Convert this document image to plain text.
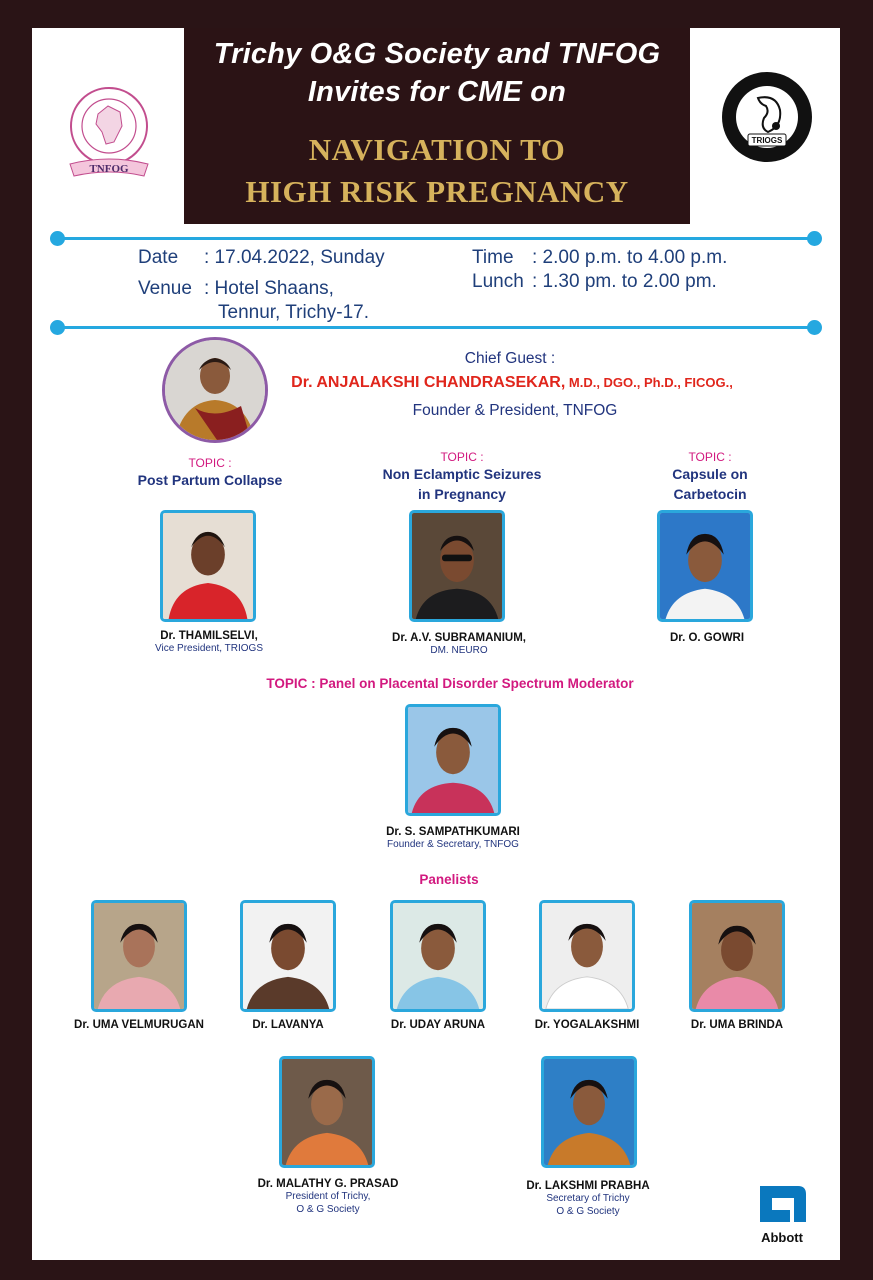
Trichy O&G Society and TNFOG
Invites for CME on
NAVIGATION TO
HIGH RISK PREGNANCY
TNFOG
TRIOGS
Date : 17.04.2022, Sunday
Venue : Hotel Shaans,
Tennur, Trichy-17.
Time : 2.00 p.m. to 4.00 p.m.
Lunch : 1.30 pm. to 2.00 pm.
Chief Guest :
Dr. ANJALAKSHI CHANDRASEKAR, M.D., DGO., Ph.D., FICOG.,
Founder & President, TNFOG
TOPIC :
Post Partum Collapse
TOPIC :
Non Eclamptic Seizures
in Pregnancy
TOPIC :
Capsule on
Carbetocin
Dr. THAMILSELVI,
Vice President, TRIOGS
Dr. A.V. SUBRAMANIUM,
DM. NEURO
Dr. O. GOWRI
TOPIC : Panel on Placental Disorder Spectrum Moderator
Dr. S. SAMPATHKUMARI
Founder & Secretary, TNFOG
Panelists
Dr. UMA VELMURUGAN	Dr. LAVANYA	Dr. UDAY ARUNA	Dr. YOGALAKSHMI	Dr. UMA BRINDA
Dr. MALATHY G. PRASAD
President of Trichy,
O & G Society
Dr. LAKSHMI PRABHA
Secretary of Trichy
O & G Society
Abbott
